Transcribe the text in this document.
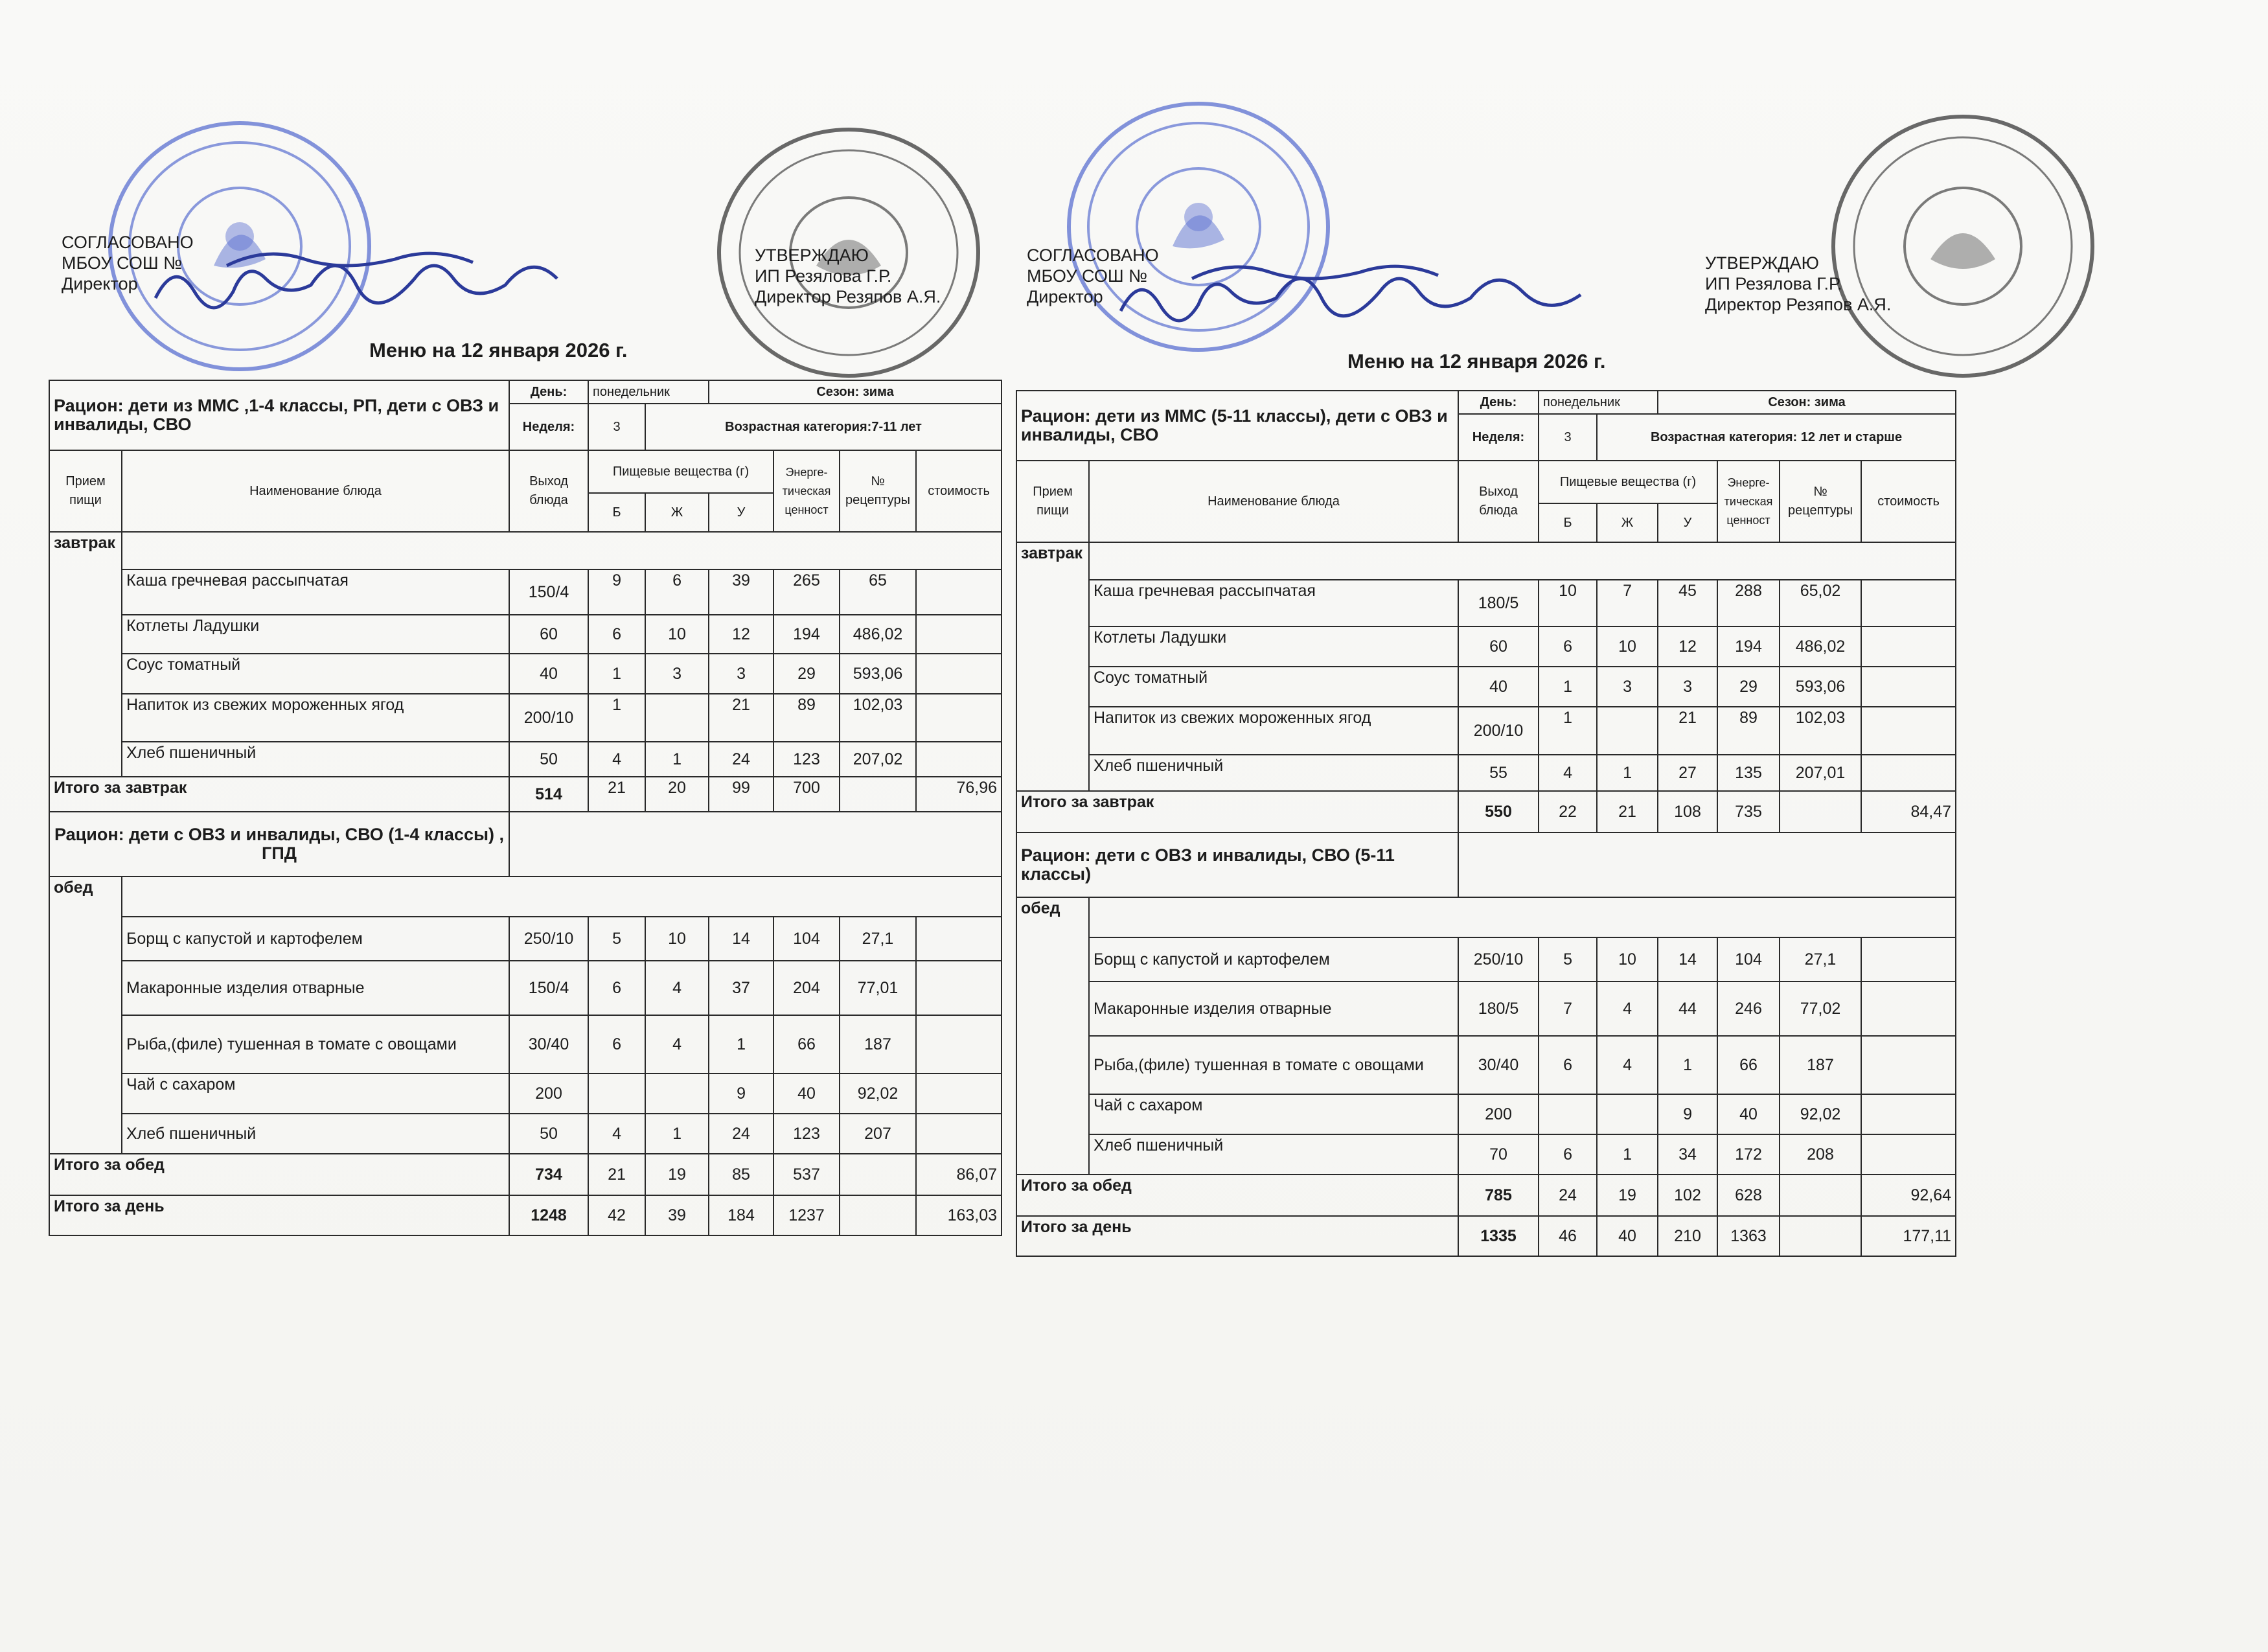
СОГЛАСОВАНО
МБОУ СОШ №
Директор
УТВЕРЖДАЮ
ИП Резялова Г.Р.
Директор Резяпов А.Я.
Меню на 12 января 2026 г.
Рацион: дети из ММС ,1-4 классы, РП, дети с ОВЗ и инвалиды, СВО		День:	понедельник		Сезон: зима			
		Неделя:	3	Возрастная категория:7-11 лет				
Прием пищи	Наименование блюда	Выход блюда	Пищевые вещества (г)			Энерге-тическая ценност	№ рецептуры	стоимость
			Б	Ж	У			
завтрак								
	Каша гречневая рассыпчатая	150/4	9	6	39	265	65	
	Котлеты Ладушки	60	6	10	12	194	486,02	
	Соус томатный	40	1	3	3	29	593,06	
	Напиток из свежих мороженных ягод	200/10	1		21	89	102,03	
	Хлеб пшеничный	50	4	1	24	123	207,02	
Итого за завтрак		514	21	20	99	700		76,96
Рацион: дети с ОВЗ и инвалиды, СВО (1-4 классы) , ГПД								
обед								
	Борщ с капустой и картофелем	250/10	5	10	14	104	27,1	
	Макаронные изделия отварные	150/4	6	4	37	204	77,01	
	Рыба,(филе) тушенная в томате с овощами	30/40	6	4	1	66	187	
	Чай с сахаром	200			9	40	92,02	
	Хлеб пшеничный	50	4	1	24	123	207	
Итого за обед		734	21	19	85	537		86,07
Итого за день		1248	42	39	184	1237		163,03
СОГЛАСОВАНО
МБОУ СОШ №
Директор
УТВЕРЖДАЮ
ИП Резялова Г.Р.
Директор Резяпов А.Я.
Меню на 12 января 2026 г.
Рацион: дети из ММС (5-11 классы), дети с ОВЗ и инвалиды, СВО		День:	понедельник		Сезон: зима			
		Неделя:	3	Возрастная категория: 12 лет и старше				
Прием пищи	Наименование блюда	Выход блюда	Пищевые вещества (г)			Энерге-тическая ценност	№ рецептуры	стоимость
			Б	Ж	У			
завтрак								
	Каша гречневая рассыпчатая	180/5	10	7	45	288	65,02	
	Котлеты Ладушки	60	6	10	12	194	486,02	
	Соус томатный	40	1	3	3	29	593,06	
	Напиток из свежих мороженных ягод	200/10	1		21	89	102,03	
	Хлеб пшеничный	55	4	1	27	135	207,01	
Итого за завтрак		550	22	21	108	735		84,47
Рацион: дети с ОВЗ и инвалиды, СВО (5-11 классы)								
обед								
	Борщ с капустой и картофелем	250/10	5	10	14	104	27,1	
	Макаронные изделия отварные	180/5	7	4	44	246	77,02	
	Рыба,(филе) тушенная в томате с овощами	30/40	6	4	1	66	187	
	Чай с сахаром	200			9	40	92,02	
	Хлеб пшеничный	70	6	1	34	172	208	
Итого за обед		785	24	19	102	628		92,64
Итого за день		1335	46	40	210	1363		177,11
